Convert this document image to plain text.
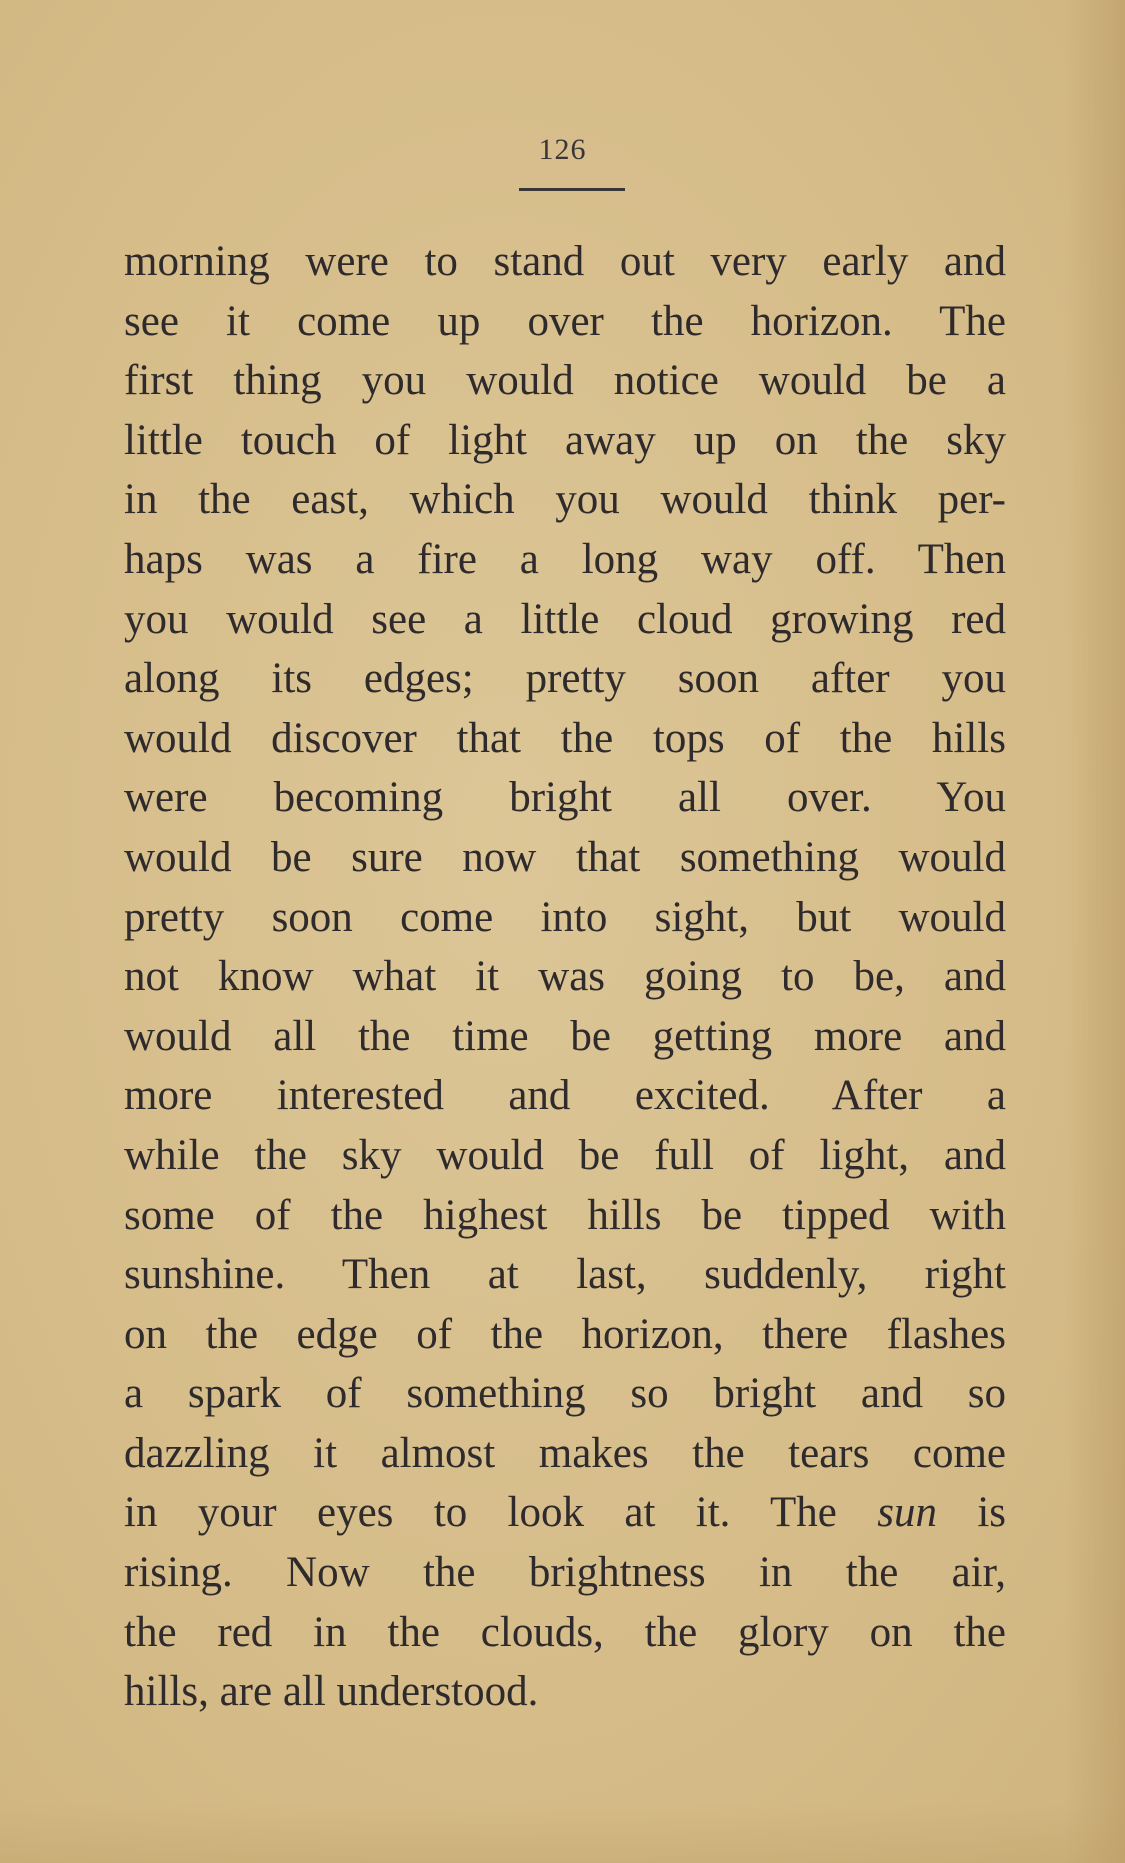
126
morning were to stand out very early and
see it come up over the horizon. The
first thing you would notice would be a
little touch of light away up on the sky
in the east, which you would think per-
haps was a fire a long way off. Then
you would see a little cloud growing red
along its edges; pretty soon after you
would discover that the tops of the hills
were becoming bright all over. You
would be sure now that something would
pretty soon come into sight, but would
not know what it was going to be, and
would all the time be getting more and
more interested and excited. After a
while the sky would be full of light, and
some of the highest hills be tipped with
sunshine. Then at last, suddenly, right
on the edge of the horizon, there flashes
a spark of something so bright and so
dazzling it almost makes the tears come
in your eyes to look at it. The sun is
rising. Now the brightness in the air,
the red in the clouds, the glory on the
hills, are all understood.
